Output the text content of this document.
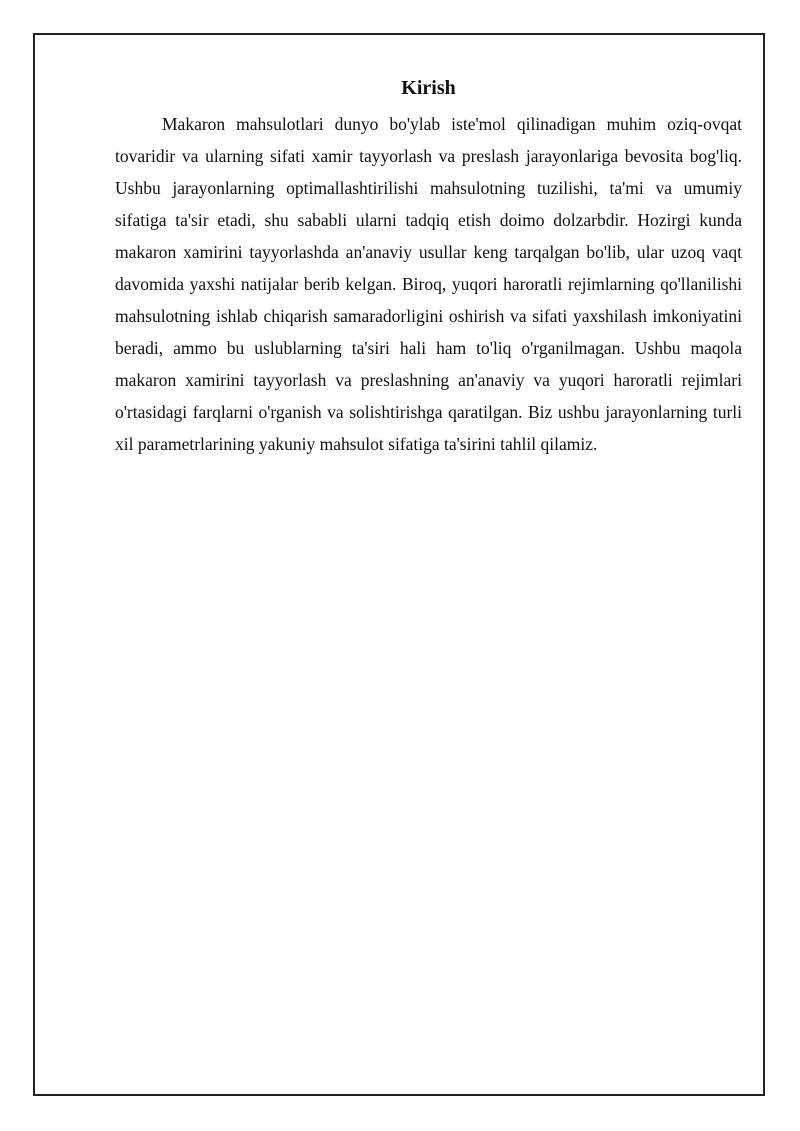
Kirish

Makaron mahsulotlari dunyo bo'ylab iste'mol qilinadigan muhim oziq-ovqat tovaridir va ularning sifati xamir tayyorlash va preslash jarayonlariga bevosita bog'liq. Ushbu jarayonlarning optimallashtirilishi mahsulotning tuzilishi, ta'mi va umumiy sifatiga ta'sir etadi, shu sababli ularni tadqiq etish doimo dolzarbdir. Hozirgi kunda makaron xamirini tayyorlashda an'anaviy usullar keng tarqalgan bo'lib, ular uzoq vaqt davomida yaxshi natijalar berib kelgan. Biroq, yuqori haroratli rejimlarning qo'llanilishi mahsulotning ishlab chiqarish samaradorligini oshirish va sifati yaxshilash imkoniyatini beradi, ammo bu uslublarning ta'siri hali ham to'liq o'rganilmagan. Ushbu maqola makaron xamirini tayyorlash va preslashning an'anaviy va yuqori haroratli rejimlari o'rtasidagi farqlarni o'rganish va solishtirishga qaratilgan. Biz ushbu jarayonlarning turli xil parametrlarining yakuniy mahsulot sifatiga ta'sirini tahlil qilamiz.
